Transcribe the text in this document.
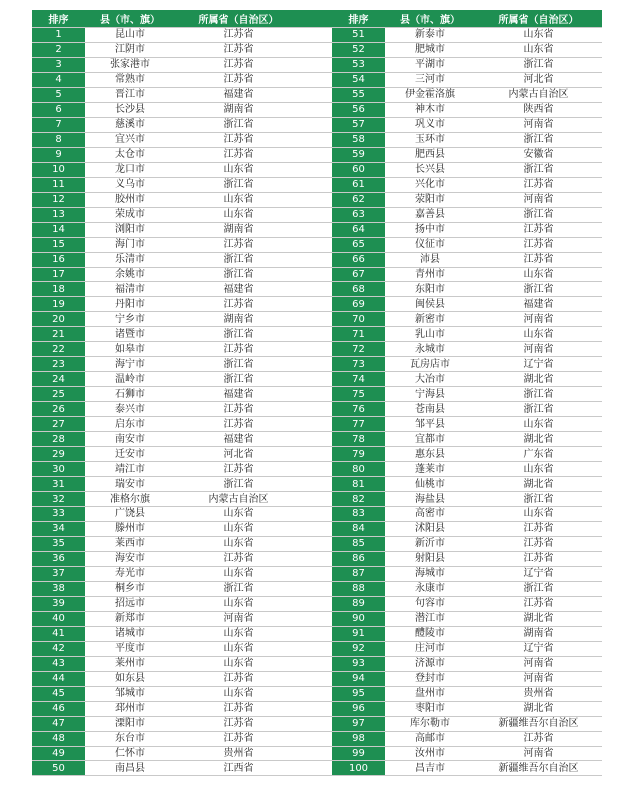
排序	县（市、旗）	所属省（自治区）		排序	县（市、旗）	所属省（自治区）
1	昆山市	江苏省		51	新泰市	山东省
2	江阴市	江苏省		52	肥城市	山东省
3	张家港市	江苏省		53	平湖市	浙江省
4	常熟市	江苏省		54	三河市	河北省
5	晋江市	福建省		55	伊金霍洛旗	内蒙古自治区
6	长沙县	湖南省		56	神木市	陕西省
7	慈溪市	浙江省		57	巩义市	河南省
8	宜兴市	江苏省		58	玉环市	浙江省
9	太仓市	江苏省		59	肥西县	安徽省
10	龙口市	山东省		60	长兴县	浙江省
11	义乌市	浙江省		61	兴化市	江苏省
12	胶州市	山东省		62	荥阳市	河南省
13	荣成市	山东省		63	嘉善县	浙江省
14	浏阳市	湖南省		64	扬中市	江苏省
15	海门市	江苏省		65	仪征市	江苏省
16	乐清市	浙江省		66	沛县	江苏省
17	余姚市	浙江省		67	青州市	山东省
18	福清市	福建省		68	东阳市	浙江省
19	丹阳市	江苏省		69	闽侯县	福建省
20	宁乡市	湖南省		70	新密市	河南省
21	诸暨市	浙江省		71	乳山市	山东省
22	如皋市	江苏省		72	永城市	河南省
23	海宁市	浙江省		73	瓦房店市	辽宁省
24	温岭市	浙江省		74	大冶市	湖北省
25	石狮市	福建省		75	宁海县	浙江省
26	泰兴市	江苏省		76	苍南县	浙江省
27	启东市	江苏省		77	邹平县	山东省
28	南安市	福建省		78	宜都市	湖北省
29	迁安市	河北省		79	惠东县	广东省
30	靖江市	江苏省		80	蓬莱市	山东省
31	瑞安市	浙江省		81	仙桃市	湖北省
32	准格尔旗	内蒙古自治区		82	海盐县	浙江省
33	广饶县	山东省		83	高密市	山东省
34	滕州市	山东省		84	沭阳县	江苏省
35	莱西市	山东省		85	新沂市	江苏省
36	海安市	江苏省		86	射阳县	江苏省
37	寿光市	山东省		87	海城市	辽宁省
38	桐乡市	浙江省		88	永康市	浙江省
39	招远市	山东省		89	句容市	江苏省
40	新郑市	河南省		90	潜江市	湖北省
41	诸城市	山东省		91	醴陵市	湖南省
42	平度市	山东省		92	庄河市	辽宁省
43	莱州市	山东省		93	济源市	河南省
44	如东县	江苏省		94	登封市	河南省
45	邹城市	山东省		95	盘州市	贵州省
46	邳州市	江苏省		96	枣阳市	湖北省
47	溧阳市	江苏省		97	库尔勒市	新疆维吾尔自治区
48	东台市	江苏省		98	高邮市	江苏省
49	仁怀市	贵州省		99	汝州市	河南省
50	南昌县	江西省		100	昌吉市	新疆维吾尔自治区
